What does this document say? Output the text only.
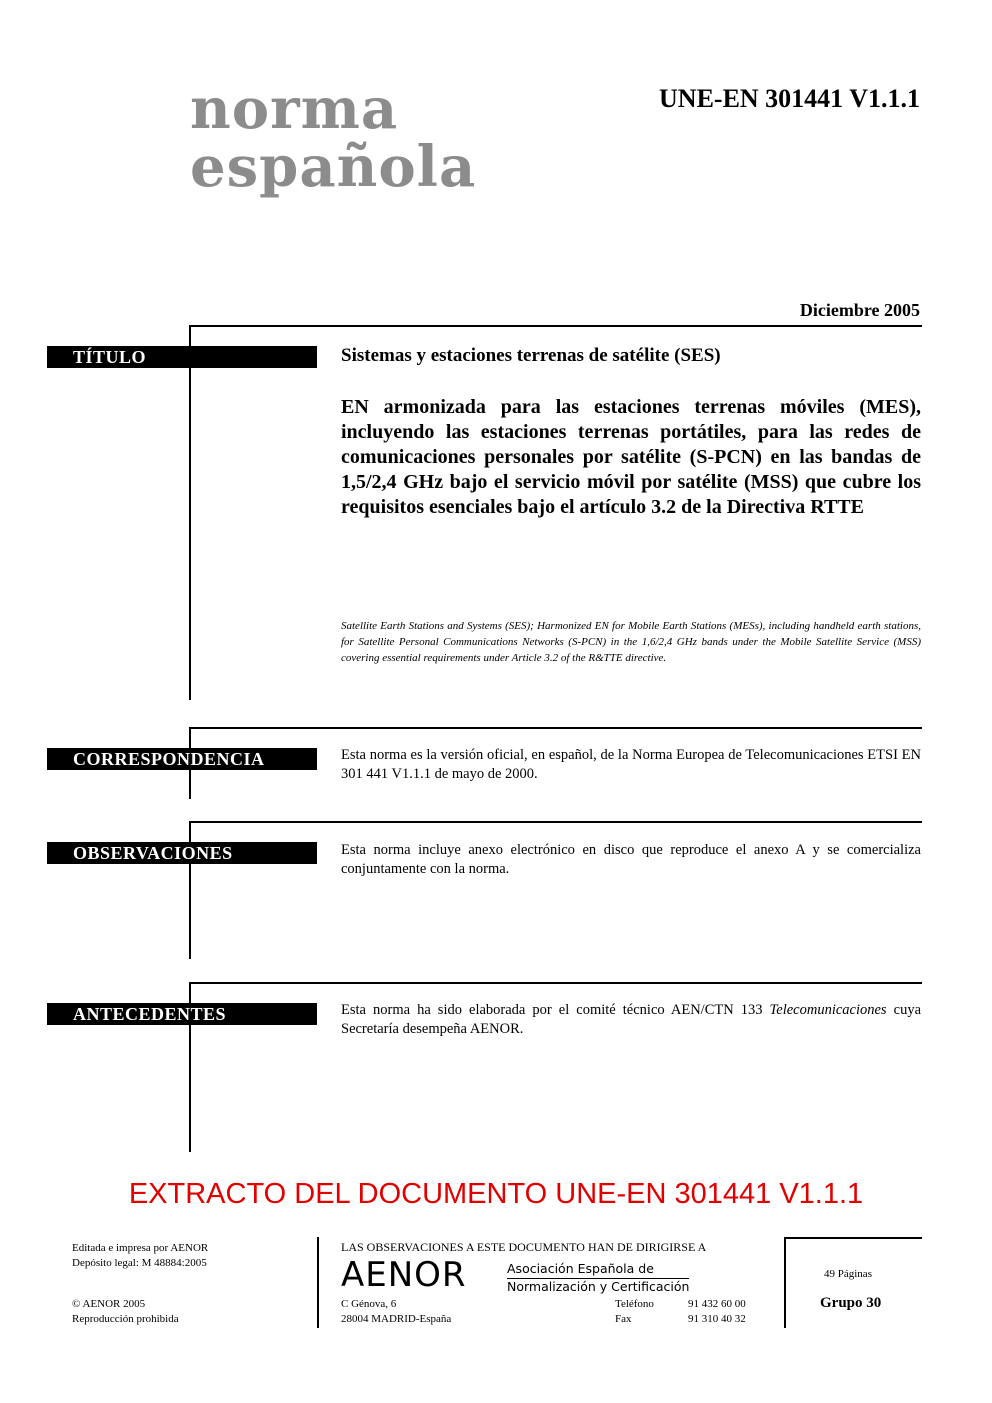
norma
española
UNE-EN 301441 V1.1.1
Diciembre 2005
TÍTULO	Sistemas y estaciones terrenas de satélite (SES)
EN armonizada para las estaciones terrenas móviles (MES), incluyendo las estaciones terrenas portátiles, para las redes de comunicaciones personales por satélite (S-PCN) en las bandas de 1,5/2,4 GHz bajo el servicio móvil por satélite (MSS) que cubre los requisitos esenciales bajo el artículo 3.2 de la Directiva RTTE
Satellite Earth Stations and Systems (SES); Harmonized EN for Mobile Earth Stations (MESs), including handheld earth stations, for Satellite Personal Communications Networks (S-PCN) in the 1,6/2,4 GHz bands under the Mobile Satellite Service (MSS) covering essential requirements under Article 3.2 of the R&TTE directive.
CORRESPONDENCIA	Esta norma es la versión oficial, en español, de la Norma Europea de Telecomunicaciones ETSI EN 301 441 V1.1.1 de mayo de 2000.
OBSERVACIONES	Esta norma incluye anexo electrónico en disco que reproduce el anexo A y se comercializa conjuntamente con la norma.
ANTECEDENTES	Esta norma ha sido elaborada por el comité técnico AEN/CTN 133 Telecomunicaciones cuya Secretaría desempeña AENOR.
EXTRACTO DEL DOCUMENTO UNE-EN 301441 V1.1.1
Editada e impresa por AENOR
Depósito legal: M 48884:2005
© AENOR 2005
Reproducción prohibida
LAS OBSERVACIONES A ESTE DOCUMENTO HAN DE DIRIGIRSE A
AENOR	Asociación Española de
Normalización y Certificación
C Génova, 6
28004 MADRID-España
Teléfono	91 432 60 00
Fax	91 310 40 32
49 Páginas
Grupo 30
